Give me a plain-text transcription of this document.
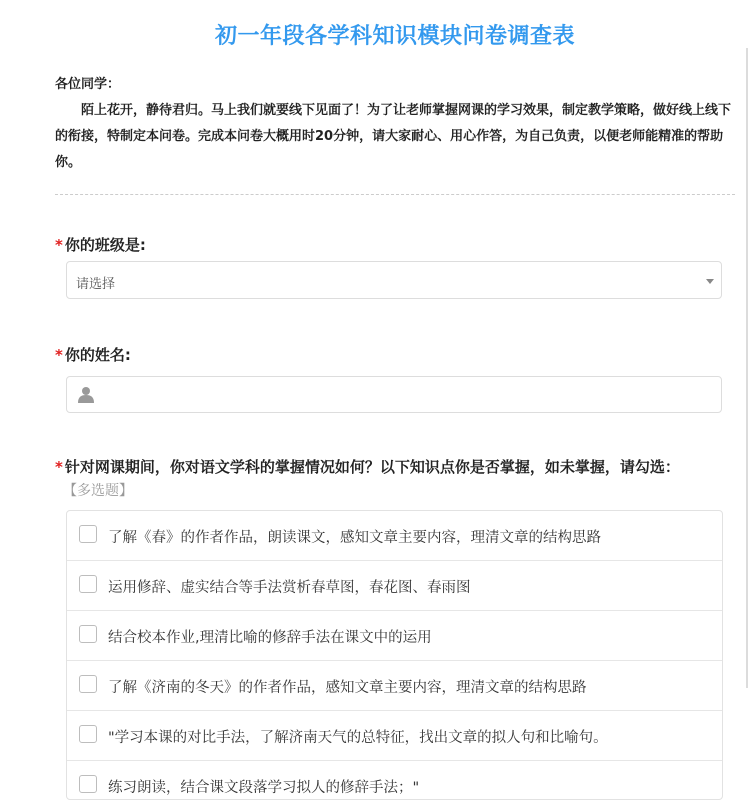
初一年段各学科知识模块问卷调查表

各位同学：

陌上花开，静待君归。马上我们就要线下见面了！为了让老师掌握网课的学习效果，制定教学策略，做好线上线下的衔接，特制定本问卷。完成本问卷大概用时20分钟，请大家耐心、用心作答，为自己负责，以便老师能精准的帮助你。

* 你的班级是:
请选择
* 你的姓名:
* 针对网课期间，你对语文学科的掌握情况如何？以下知识点你是否掌握，如未掌握，请勾选：【多选题】
了解《春》的作者作品，朗读课文，感知文章主要内容，理清文章的结构思路
运用修辞、虚实结合等手法赏析春草图，春花图、春雨图
结合校本作业,理清比喻的修辞手法在课文中的运用
了解《济南的冬天》的作者作品，感知文章主要内容，理清文章的结构思路
"学习本课的对比手法，了解济南天气的总特征，找出文章的拟人句和比喻句。
练习朗读，结合课文段落学习拟人的修辞手法；"
